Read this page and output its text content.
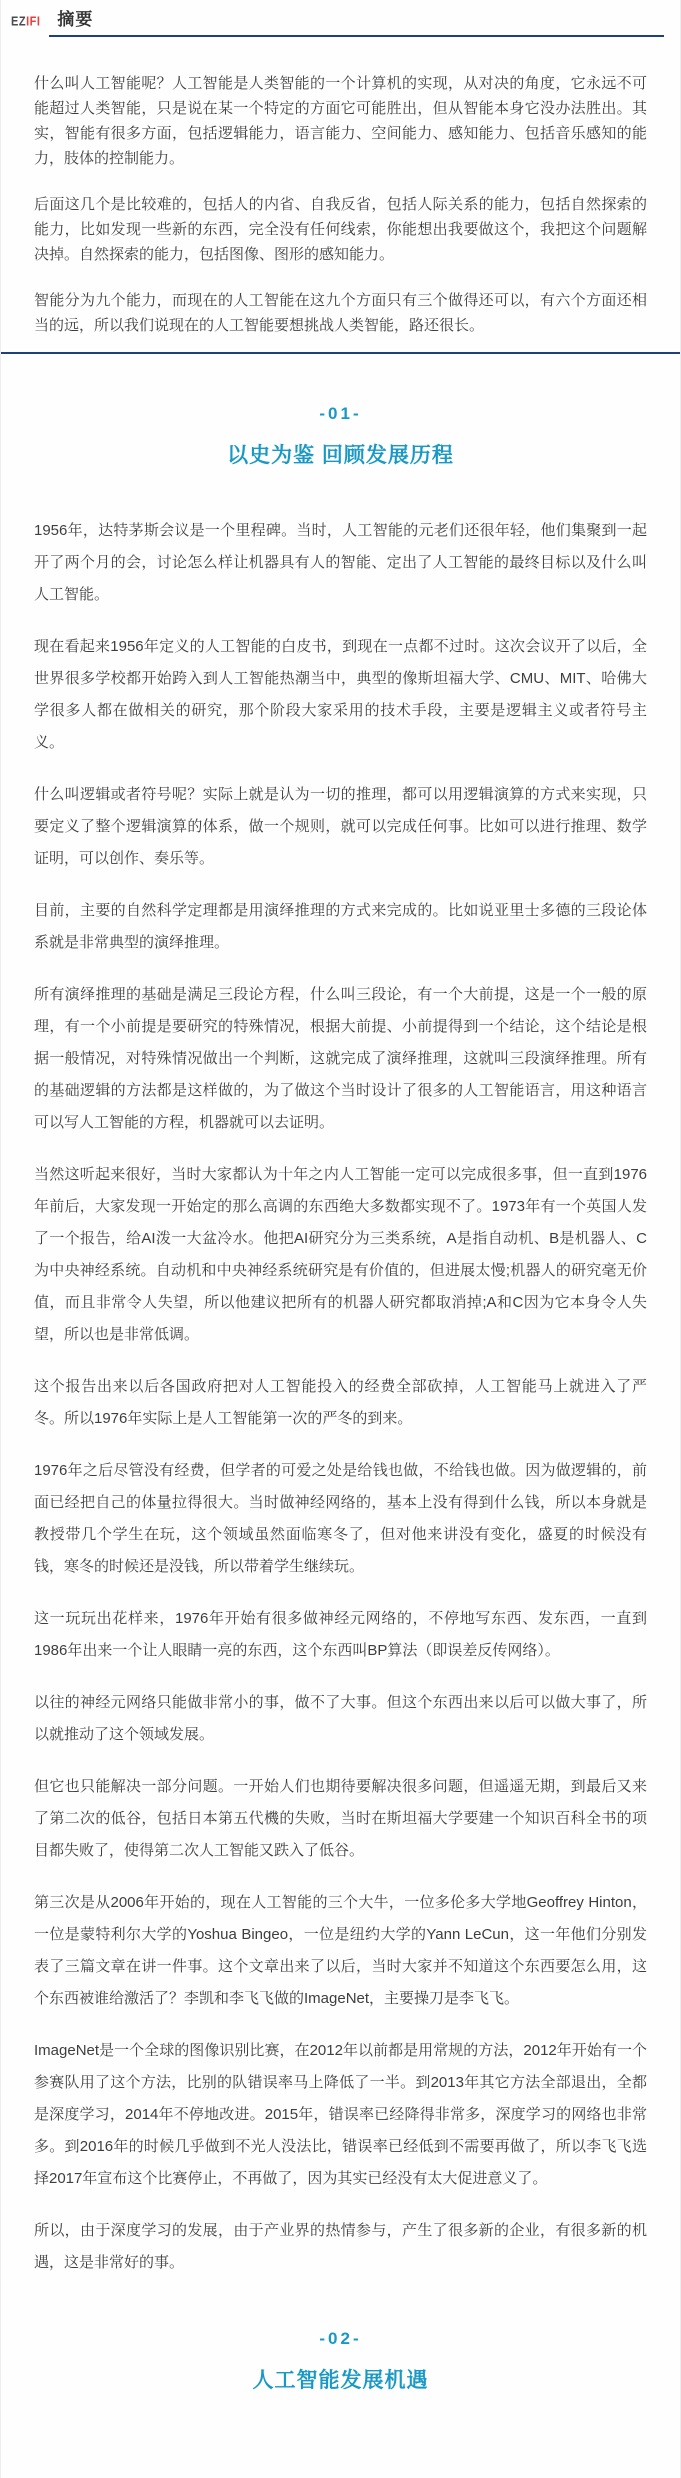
EZIFI	摘要

什么叫人工智能呢？人工智能是人类智能的一个计算机的实现，从对决的角度，它永远不可能超过人类智能，只是说在某一个特定的方面它可能胜出，但从智能本身它没办法胜出。其实，智能有很多方面，包括逻辑能力，语言能力、空间能力、感知能力、包括音乐感知的能力，肢体的控制能力。

后面这几个是比较难的，包括人的内省、自我反省，包括人际关系的能力，包括自然探索的能力，比如发现一些新的东西，完全没有任何线索，你能想出我要做这个，我把这个问题解决掉。自然探索的能力，包括图像、图形的感知能力。

智能分为九个能力，而现在的人工智能在这九个方面只有三个做得还可以，有六个方面还相当的远，所以我们说现在的人工智能要想挑战人类智能，路还很长。

-01-
以史为鉴 回顾发展历程

1956年，达特茅斯会议是一个里程碑。当时，人工智能的元老们还很年轻，他们集聚到一起开了两个月的会，讨论怎么样让机器具有人的智能、定出了人工智能的最终目标以及什么叫人工智能。

现在看起来1956年定义的人工智能的白皮书，到现在一点都不过时。这次会议开了以后，全世界很多学校都开始跨入到人工智能热潮当中，典型的像斯坦福大学、CMU、MIT、哈佛大学很多人都在做相关的研究，那个阶段大家采用的技术手段，主要是逻辑主义或者符号主义。

什么叫逻辑或者符号呢？实际上就是认为一切的推理，都可以用逻辑演算的方式来实现，只要定义了整个逻辑演算的体系，做一个规则，就可以完成任何事。比如可以进行推理、数学证明，可以创作、奏乐等。

目前，主要的自然科学定理都是用演绎推理的方式来完成的。比如说亚里士多德的三段论体系就是非常典型的演绎推理。

所有演绎推理的基础是满足三段论方程，什么叫三段论，有一个大前提，这是一个一般的原理，有一个小前提是要研究的特殊情况，根据大前提、小前提得到一个结论，这个结论是根据一般情况，对特殊情况做出一个判断，这就完成了演绎推理，这就叫三段演绎推理。所有的基础逻辑的方法都是这样做的，为了做这个当时设计了很多的人工智能语言，用这种语言可以写人工智能的方程，机器就可以去证明。

当然这听起来很好，当时大家都认为十年之内人工智能一定可以完成很多事，但一直到1976年前后，大家发现一开始定的那么高调的东西绝大多数都实现不了。1973年有一个英国人发了一个报告，给AI泼一大盆冷水。他把AI研究分为三类系统，A是指自动机、B是机器人、C为中央神经系统。自动机和中央神经系统研究是有价值的，但进展太慢;机器人的研究毫无价值，而且非常令人失望，所以他建议把所有的机器人研究都取消掉;A和C因为它本身令人失望，所以也是非常低调。

这个报告出来以后各国政府把对人工智能投入的经费全部砍掉，人工智能马上就进入了严冬。所以1976年实际上是人工智能第一次的严冬的到来。

1976年之后尽管没有经费，但学者的可爱之处是给钱也做，不给钱也做。因为做逻辑的，前面已经把自己的体量拉得很大。当时做神经网络的，基本上没有得到什么钱，所以本身就是教授带几个学生在玩，这个领域虽然面临寒冬了，但对他来讲没有变化，盛夏的时候没有钱，寒冬的时候还是没钱，所以带着学生继续玩。

这一玩玩出花样来，1976年开始有很多做神经元网络的，不停地写东西、发东西，一直到1986年出来一个让人眼睛一亮的东西，这个东西叫BP算法（即误差反传网络）。

以往的神经元网络只能做非常小的事，做不了大事。但这个东西出来以后可以做大事了，所以就推动了这个领域发展。

但它也只能解决一部分问题。一开始人们也期待要解决很多问题，但遥遥无期，到最后又来了第二次的低谷，包括日本第五代機的失败，当时在斯坦福大学要建一个知识百科全书的项目都失败了，使得第二次人工智能又跌入了低谷。

第三次是从2006年开始的，现在人工智能的三个大牛，一位多伦多大学地Geoffrey Hinton，一位是蒙特利尔大学的Yoshua Bingeo，一位是纽约大学的Yann LeCun，这一年他们分别发表了三篇文章在讲一件事。这个文章出来了以后，当时大家并不知道这个东西要怎么用，这个东西被谁给激活了？李凯和李飞飞做的ImageNet，主要操刀是李飞飞。

ImageNet是一个全球的图像识别比赛，在2012年以前都是用常规的方法，2012年开始有一个参赛队用了这个方法，比别的队错误率马上降低了一半。到2013年其它方法全部退出，全都是深度学习，2014年不停地改进。2015年，错误率已经降得非常多，深度学习的网络也非常多。到2016年的时候几乎做到不光人没法比，错误率已经低到不需要再做了，所以李飞飞选择2017年宣布这个比赛停止，不再做了，因为其实已经没有太大促进意义了。

所以，由于深度学习的发展，由于产业界的热情参与，产生了很多新的企业，有很多新的机遇，这是非常好的事。

-02-
人工智能发展机遇
